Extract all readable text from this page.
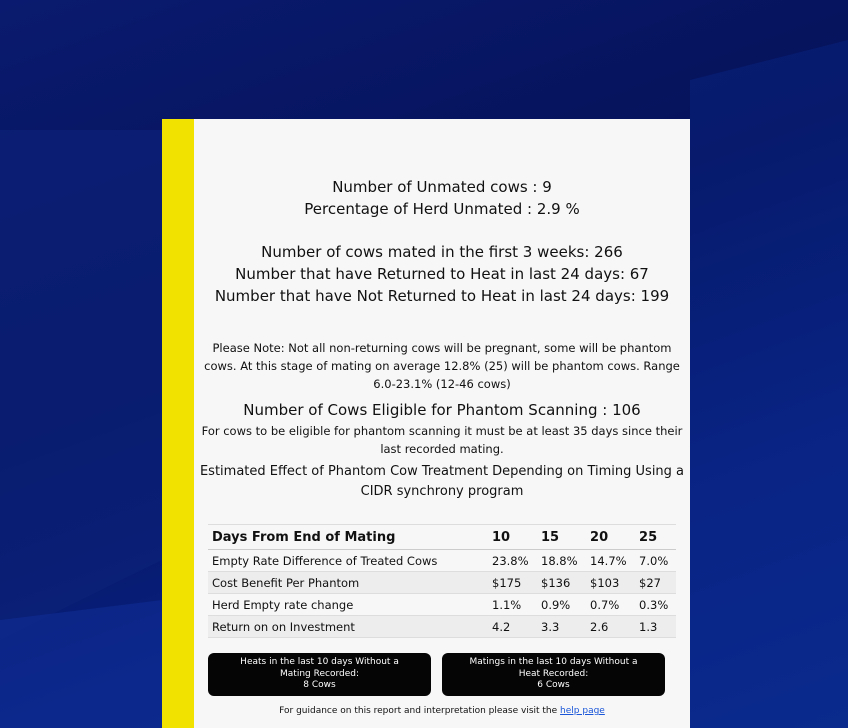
Number of Unmated cows : 9
Percentage of Herd Unmated : 2.9 %
Number of cows mated in the first 3 weeks: 266
Number that have Returned to Heat in last 24 days: 67
Number that have Not Returned to Heat in last 24 days: 199
Please Note: Not all non-returning cows will be pregnant, some will be phantom cows. At this stage of mating on average 12.8% (25) will be phantom cows. Range 6.0-23.1% (12-46 cows)
Number of Cows Eligible for Phantom Scanning : 106
For cows to be eligible for phantom scanning it must be at least 35 days since their last recorded mating.
Estimated Effect of Phantom Cow Treatment Depending on Timing Using a CIDR synchrony program
Days From End of Mating	10	15	20	25
Empty Rate Difference of Treated Cows	23.8%	18.8%	14.7%	7.0%
Cost Benefit Per Phantom	$175	$136	$103	$27
Herd Empty rate change	1.1%	0.9%	0.7%	0.3%
Return on on Investment	4.2	3.3	2.6	1.3
Heats in the last 10 days Without a
Mating Recorded:
8 Cows
Matings in the last 10 days Without a
Heat Recorded:
6 Cows
For guidance on this report and interpretation please visit the help page
